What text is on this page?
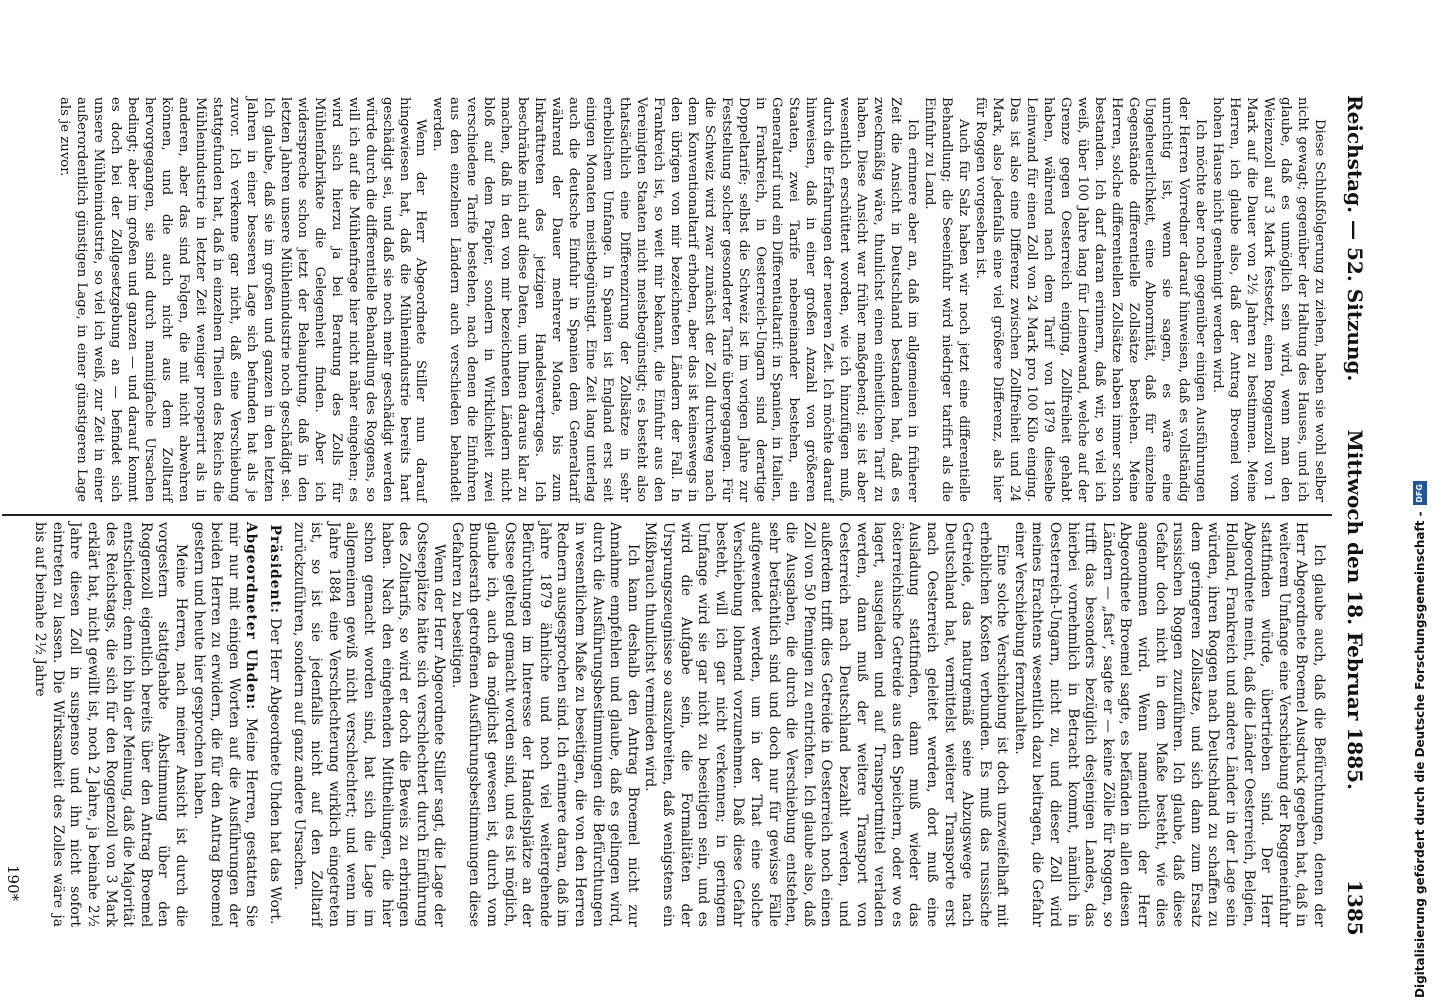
Reichstag. — 52. Sitzung.
Mittwoch den 18. Februar 1885.
1385

Diese Schlußfolgerung zu ziehen, haben sie wohl selber nicht gewagt; gegenüber der Haltung des Hauses, und ich glaube, daß es unmöglich sein wird, wenn man den Weizenzoll auf 3 Mark festsetzt, einen Roggenzoll von 1 Mark auf die Dauer von 2½ Jahren zu bestimmen. Meine Herren, ich glaube also, daß der Antrag Broemel vom hohen Hause nicht genehmigt werden wird.

Ich möchte aber noch gegenüber einigen Ausführungen der Herren Vorredner darauf hinweisen, daß es vollständig unrichtig ist, wenn sie sagen, es wäre eine Ungeheuerlichkeit, eine Abnormität, daß für einzelne Gegenstände differentielle Zollsätze bestehen. Meine Herren, solche differentiellen Zollsätze haben immer schon bestanden. Ich darf daran erinnern, daß wir, so viel ich weiß, über 100 Jahre lang für Leinenwand, welche auf der Grenze gegen Oesterreich einging, Zollfreiheit gehabt haben, während nach dem Tarif von 1879 dieselbe Leinwand für einen Zoll von 24 Mark pro 100 Kilo einging. Das ist also eine Differenz zwischen Zollfreiheit und 24 Mark, also jedenfalls eine viel größere Differenz, als hier für Roggen vorgesehen ist.

Auch für Salz haben wir noch jetzt eine differentielle Behandlung; die Seeeinfuhr wird niedriger tarifirt als die Einfuhr zu Land.

Ich erinnere aber an, daß im allgemeinen in früherer Zeit die Ansicht in Deutschland bestanden hat, daß es zweckmäßig wäre, thunlichst einen einheitlichen Tarif zu haben. Diese Ansicht war früher maßgebend; sie ist aber wesentlich erschüttert worden, wie ich hinzufügen muß, durch die Erfahrungen der neueren Zeit. Ich möchte darauf hinweisen, daß in einer großen Anzahl von größeren Staaten, zwei Tarife nebeneinander bestehen, ein Generaltarif und ein Differentialtarif: in Spanien, in Italien, in Frankreich, in Oesterreich-Ungarn sind derartige Doppeltarife; selbst die Schweiz ist im vorigen Jahre zur Feststellung solcher gesonderter Tarife übergegangen. Für die Schweiz wird zwar zunächst der Zoll durchweg nach dem Konventionaltarif erhoben, aber das ist keineswegs in den übrigen von mir bezeichneten Ländern der Fall. In Frankreich ist, so weit mir bekannt, die Einfuhr aus den Vereinigten Staaten nicht meistbegünstigt; es besteht also thatsächlich eine Differenzirung der Zollsätze in sehr erheblichem Umfange. In Spanien ist England erst seit einigen Monaten meistbegünstigt. Eine Zeit lang unterlag auch die deutsche Einfuhr in Spanien dem Generaltarif während der Dauer mehrerer Monate, bis zum Inkrafttreten des jetzigen Handelsvertrages. Ich beschränke mich auf diese Daten, um Ihnen daraus klar zu machen, daß in den von mir bezeichneten Ländern nicht bloß auf dem Papier, sondern in Wirklichkeit zwei verschiedene Tarife bestehen, nach denen die Einfuhren aus den einzelnen Ländern auch verschieden behandelt werden.

Wenn der Herr Abgeordnete Stiller nun darauf hingewiesen hat, daß die Mühlenindustrie bereits hart geschädigt sei, und daß sie noch mehr geschädigt werden würde durch die differentielle Behandlung des Roggens, so will ich auf die Mühlenfrage hier nicht näher eingehen; es wird sich hierzu ja bei Beratung des Zolls für Mühlenfabrikate die Gelegenheit finden. Aber ich widerspreche schon jetzt der Behauptung, daß in den letzten Jahren unsere Mühlenindustrie noch geschädigt sei. Ich glaube, daß sie im großen und ganzen in den letzten Jahren in einer besseren Lage sich befunden hat als je zuvor. Ich verkenne gar nicht, daß eine Verschiebung stattgefunden hat, daß in einzelnen Theilen des Reichs die Mühlenindustrie in letzter Zeit weniger prosperirt als in anderen, aber das sind Folgen, die mit nicht abwehren können, und die auch nicht aus dem Zolltarif hervorgegangen, sie sind durch mannigfache Ursachen bedingt; aber im großen und ganzen — und darauf kommt es doch bei der Zollgesetzgebung an — befindet sich unsere Mühlenindustrie, so viel ich weiß, zur Zeit in einer außerordentlich günstigen Lage, in einer günstigeren Lage als je zuvor.

Ich glaube auch, daß die Befürchtungen, denen der Herr Abgeordnete Broemel Ausdruck gegeben hat, daß in weiterem Umfange eine Verschiebung der Roggeneinfuhr stattfinden würde, übertrieben sind. Der Herr Abgeordnete meint, daß die Länder Oesterreich, Belgien, Holland, Frankreich und andere Länder in der Lage sein würden, ihren Roggen nach Deutschland zu schaffen zu dem geringeren Zollsatze, und sich dann zum Ersatz russischen Roggen zuzuführen. Ich glaube, daß diese Gefahr doch nicht in dem Maße besteht, wie dies angenommen wird. Wenn namentlich der Herr Abgeordnete Broemel sagte, es befänden in allen diesen Ländern — „fast“, sagte er — keine Zölle für Roggen, so trifft das besonders bezüglich desjenigen Landes, das hierbei vornehmlich in Betracht kommt, nämlich in Oesterreich-Ungarn, nicht zu, und dieser Zoll wird meines Erachtens wesentlich dazu beitragen, die Gefahr einer Verschiebung fernzuhalten.

Eine solche Verschiebung ist doch unzweifelhaft mit erheblichen Kosten verbunden. Es muß das russische Getreide, das naturgemäß seine Abzugswege nach Deutschland hat, vermittelst weiterer Transporte erst nach Oesterreich geleitet werden, dort muß eine Ausladung stattfinden, dann muß wieder das österreichische Getreide aus den Speichern, oder wo es lagert, ausgeladen und auf Transportmittel verladen werden, dann muß der weitere Transport von Oesterreich nach Deutschland bezahlt werden, und außerdem trifft dies Getreide in Oesterreich noch einen Zoll von 50 Pfennigen zu entrichten. Ich glaube also, daß die Ausgaben, die durch die Verschiebung entstehen, sehr beträchtlich sind und doch nur für gewisse Fälle aufgewendet werden, um in der That eine solche Verschiebung lohnend vorzunehmen. Daß diese Gefahr besteht, will ich gar nicht verkennen; in geringem Umfange wird sie gar nicht zu beseitigen sein, und es wird die Aufgabe sein, die Formalitäten der Ursprungszeugnisse so auszubreiten, daß wenigstens ein Mißbrauch thunlichst vermieden wird.

Ich kann deshalb den Antrag Broemel nicht zur Annahme empfehlen und glaube, daß es gelingen wird, durch die Ausführungsbestimmungen die Befürchtungen in wesentlichem Maße zu beseitigen, die von den Herren Rednern ausgesprochen sind. Ich erinnere daran, daß im Jahre 1879 ähnliche und noch viel weitergehende Befürchtungen im Interesse der Handelsplätze an der Ostsee geltend gemacht worden sind, und es ist möglich, glaube ich, auch da möglichst gewesen ist, durch vom Bundesrath getroffenen Ausführungsbestimmungen diese Gefahren zu beseitigen.

Wenn der Herr Abgeordnete Stiller sagt, die Lage der Ostseeplätze hätte sich verschlechtert durch Einführung des Zolltarifs, so wird er doch die Beweis zu erbringen haben. Nach den eingehenden Mittheilungen, die hier schon gemacht worden sind, hat sich die Lage im allgemeinen gewiß nicht verschlechtert; und wenn im Jahre 1884 eine Verschlechterung wirklich eingetreten ist, so ist sie jedenfalls nicht auf den Zolltarif zurückzuführen, sondern auf ganz andere Ursachen.

Präsident: Der Herr Abgeordnete Uhden hat das Wort.

Abgeordneter Uhden: Meine Herren, gestatten Sie mir nur mit einigen Worten auf die Ausführungen der beiden Herren zu erwidern, die für den Antrag Broemel gestern und heute hier gesprochen haben.

Meine Herren, nach meiner Ansicht ist durch die vorgestern stattgehabte Abstimmung über den Roggenzoll eigentlich bereits über den Antrag Broemel entschieden; denn ich bin der Meinung, daß die Majorität des Reichstags, die sich für den Roggenzoll von 3 Mark erklärt hat, nicht gewillt ist, noch 2 Jahre, ja beinahe 2½ Jahre diesen Zoll in suspenso und ihn nicht sofort eintreten zu lassen. Die Wirksamkeit des Zolles wäre ja bis auf beinahe 2½ Jahre

190*	Digitalisierung gefördert durch die Deutsche Forschungsgemeinschaft -
DFG
